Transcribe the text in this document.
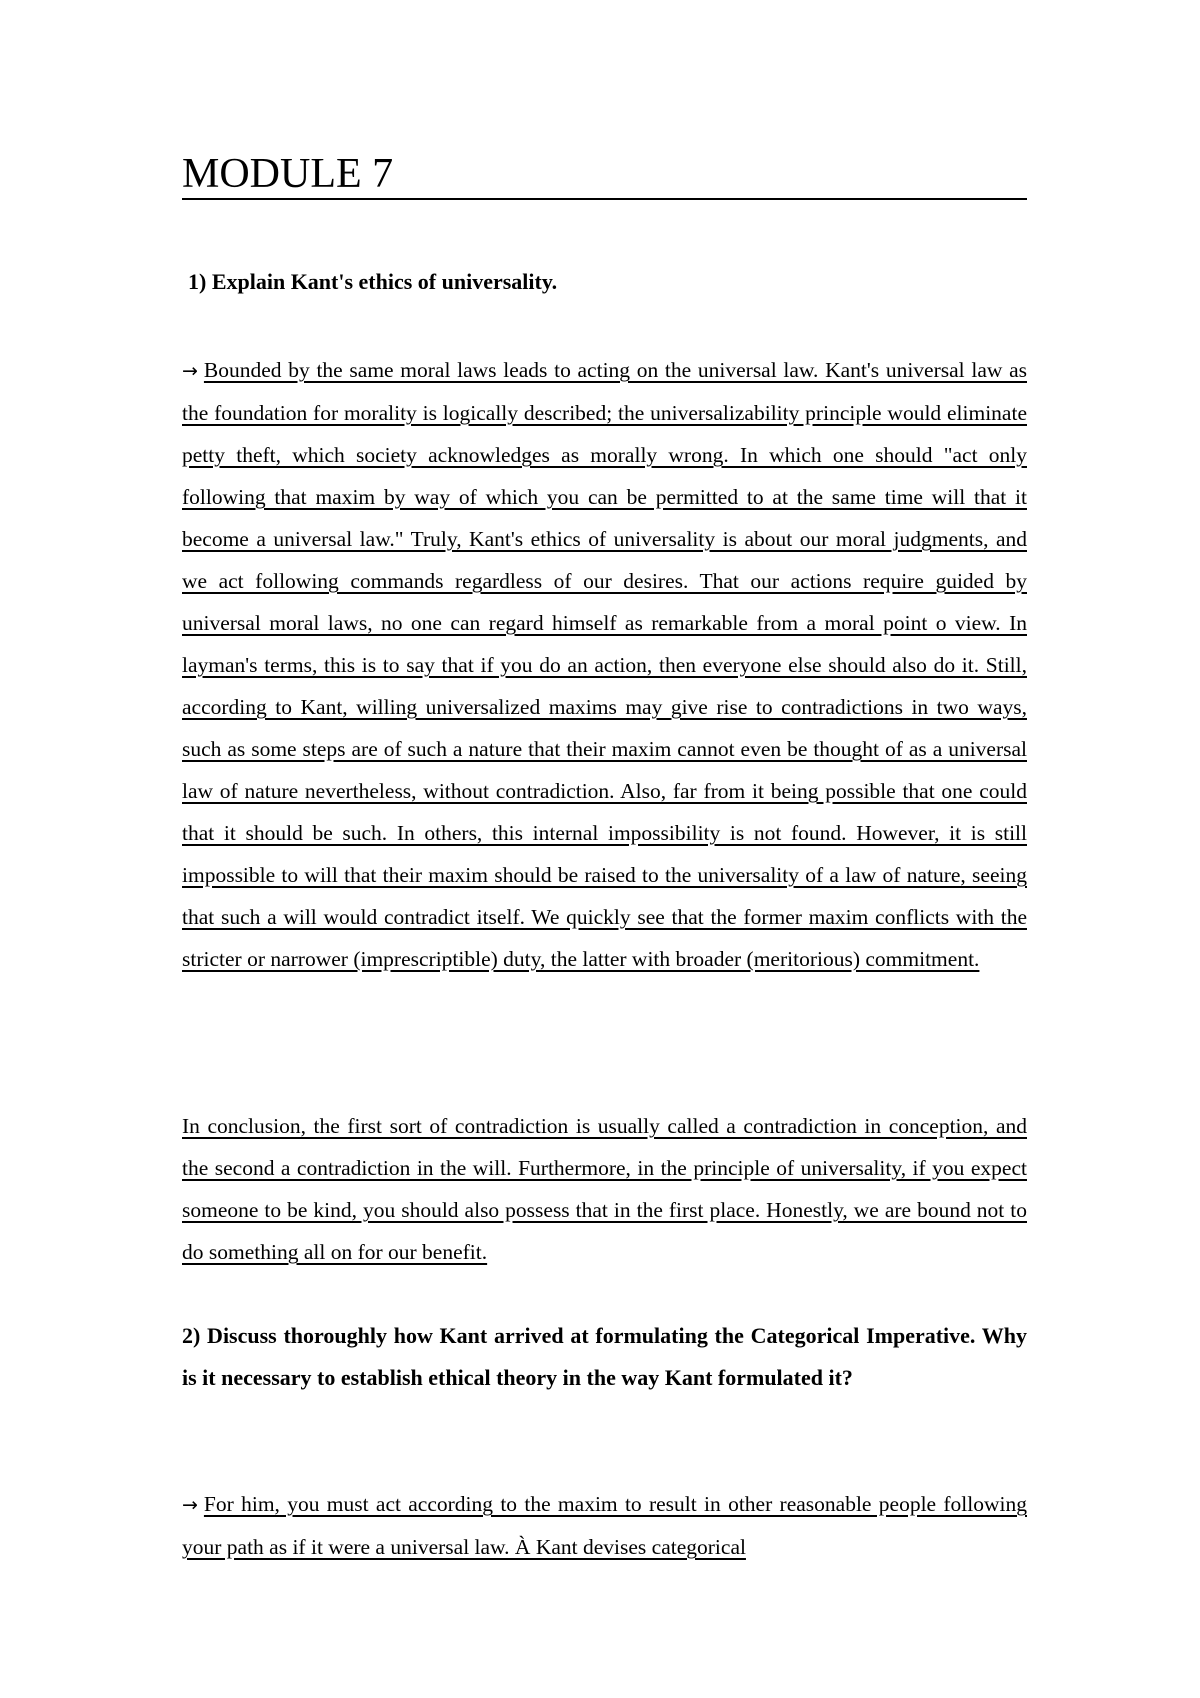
MODULE 7

1) Explain Kant's ethics of universality.

→ Bounded by the same moral laws leads to acting on the universal law. Kant's universal law as the foundation for morality is logically described; the universalizability principle would eliminate petty theft, which society acknowledges as morally wrong. In which one should "act only following that maxim by way of which you can be permitted to at the same time will that it become a universal law." Truly, Kant's ethics of universality is about our moral judgments, and we act following commands regardless of our desires. That our actions require guided by universal moral laws, no one can regard himself as remarkable from a moral point o view. In layman's terms, this is to say that if you do an action, then everyone else should also do it. Still, according to Kant, willing universalized maxims may give rise to contradictions in two ways, such as some steps are of such a nature that their maxim cannot even be thought of as a universal law of nature nevertheless, without contradiction. Also, far from it being possible that one could that it should be such. In others, this internal impossibility is not found. However, it is still impossible to will that their maxim should be raised to the universality of a law of nature, seeing that such a will would contradict itself. We quickly see that the former maxim conflicts with the stricter or narrower (imprescriptible) duty, the latter with broader (meritorious) commitment.

In conclusion, the first sort of contradiction is usually called a contradiction in conception, and the second a contradiction in the will. Furthermore, in the principle of universality, if you expect someone to be kind, you should also possess that in the first place. Honestly, we are bound not to do something all on for our benefit.

2) Discuss thoroughly how Kant arrived at formulating the Categorical Imperative. Why is it necessary to establish ethical theory in the way Kant formulated it?

→ For him, you must act according to the maxim to result in other reasonable people following your path as if it were a universal law. À Kant devises categorical
